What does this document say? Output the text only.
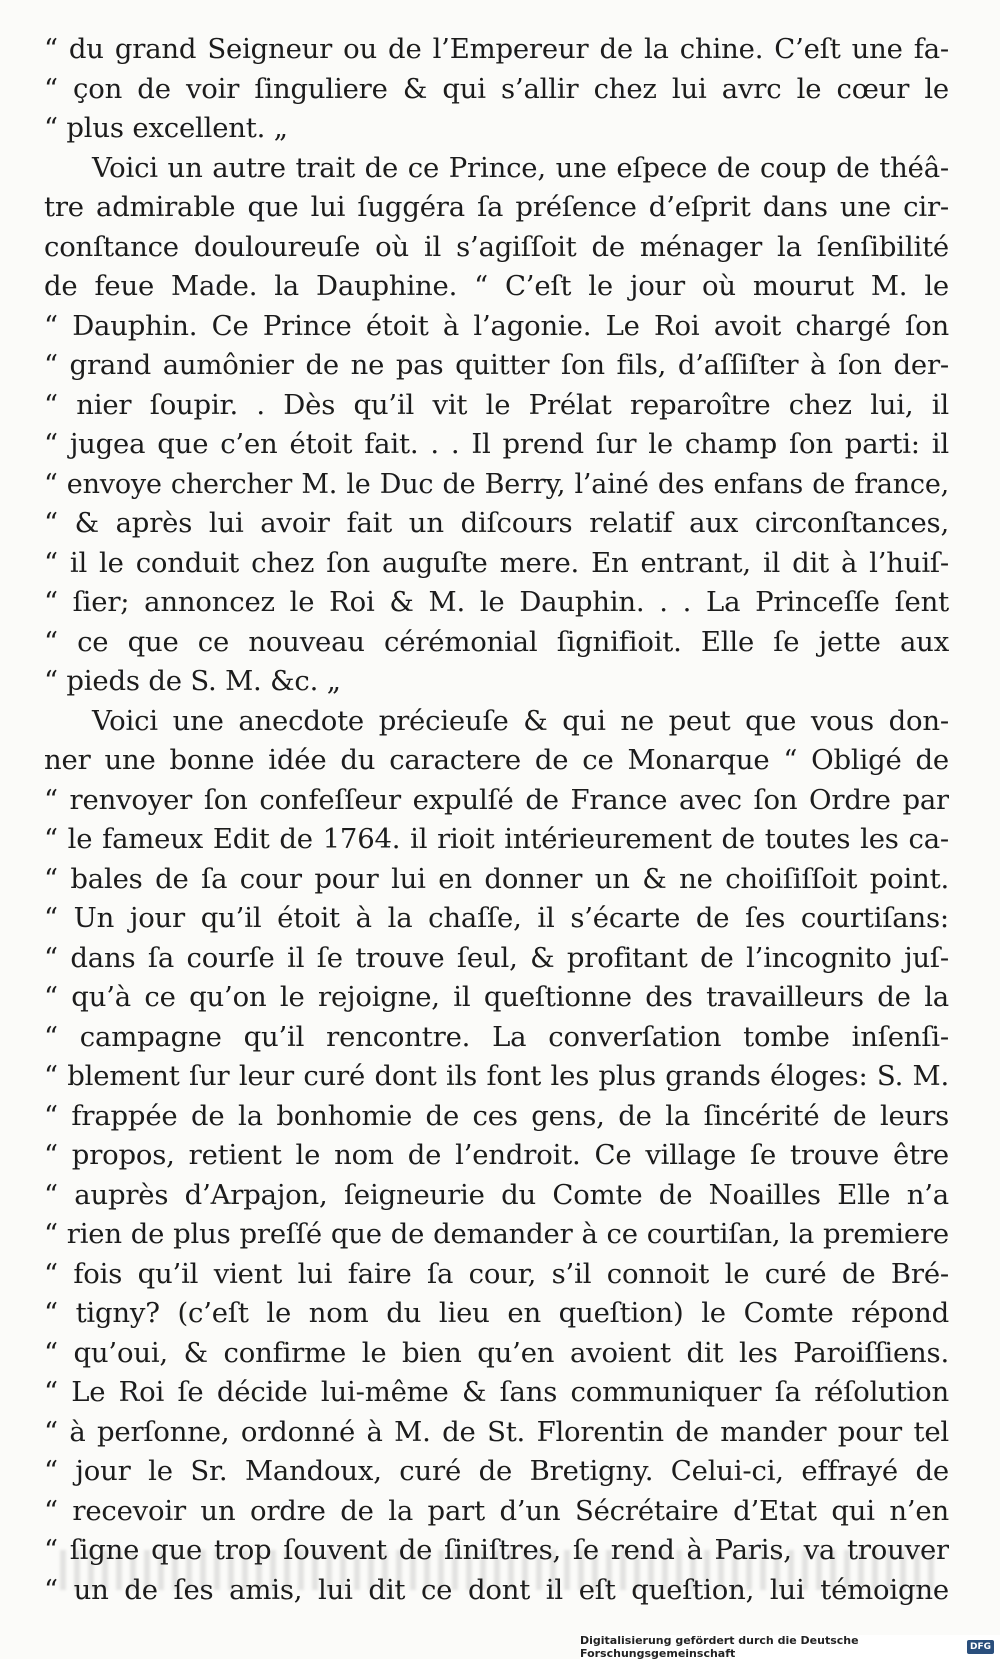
“ du grand Seigneur ou de l’Empereur de la chine. C’eſt une fa-
“ çon de voir ſinguliere & qui s’allir chez lui avrc le cœur le
“ plus excellent. „
Voici un autre trait de ce Prince, une eſpece de coup de théâ-
tre admirable que lui ſuggéra ſa préſence d’eſprit dans une cir-
conſtance douloureuſe où il s’agiſſoit de ménager la ſenſibilité
de feue Made. la Dauphine. “ C’eſt le jour où mourut M. le
“ Dauphin. Ce Prince étoit à l’agonie. Le Roi avoit chargé ſon
“ grand aumônier de ne pas quitter ſon fils, d’aſſiſter à ſon der-
“ nier ſoupir. . Dès qu’il vit le Prélat reparoître chez lui, il
“ jugea que c’en étoit fait. . . Il prend ſur le champ ſon parti: il
“ envoye chercher M. le Duc de Berry, l’ainé des enfans de france,
“ & après lui avoir fait un diſcours relatif aux circonſtances,
“ il le conduit chez ſon auguſte mere. En entrant, il dit à l’huiſ-
“ ſier; annoncez le Roi & M. le Dauphin. . . La Princeſſe ſent
“ ce que ce nouveau cérémonial ſignifioit. Elle ſe jette aux
“ pieds de S. M. &c. „
Voici une anecdote précieuſe & qui ne peut que vous don-
ner une bonne idée du caractere de ce Monarque “ Obligé de
“ renvoyer ſon confeſſeur expulſé de France avec ſon Ordre par
“ le fameux Edit de 1764. il rioit intérieurement de toutes les ca-
“ bales de ſa cour pour lui en donner un & ne choiſiſſoit point.
“ Un jour qu’il étoit à la chaſſe, il s’écarte de ſes courtiſans:
“ dans ſa courſe il ſe trouve ſeul, & profitant de l’incognito juſ-
“ qu’à ce qu’on le rejoigne, il queſtionne des travailleurs de la
“ campagne qu’il rencontre. La converſation tombe inſenſi-
“ blement ſur leur curé dont ils font les plus grands éloges: S. M.
“ frappée de la bonhomie de ces gens, de la ſincérité de leurs
“ propos, retient le nom de l’endroit. Ce village ſe trouve être
“ auprès d’Arpajon, ſeigneurie du Comte de Noailles Elle n’a
“ rien de plus preſſé que de demander à ce courtiſan, la premiere
“ fois qu’il vient lui faire ſa cour, s’il connoit le curé de Bré-
“ tigny? (c’eſt le nom du lieu en queſtion) le Comte répond
“ qu’oui, & confirme le bien qu’en avoient dit les Paroiſſiens.
“ Le Roi ſe décide lui-même & ſans communiquer ſa réſolution
“ à perſonne, ordonné à M. de St. Florentin de mander pour tel
“ jour le Sr. Mandoux, curé de Bretigny. Celui-ci, effrayé de
“ recevoir un ordre de la part d’un Sécrétaire d’Etat qui n’en
“ ſigne que trop ſouvent de ſiniſtres, ſe rend à Paris, va trouver
“ un de ſes amis, lui dit ce dont il eſt queſtion, lui témoigne
Digitalisierung gefördert durch die Deutsche Forschungsgemeinschaft	DFG
